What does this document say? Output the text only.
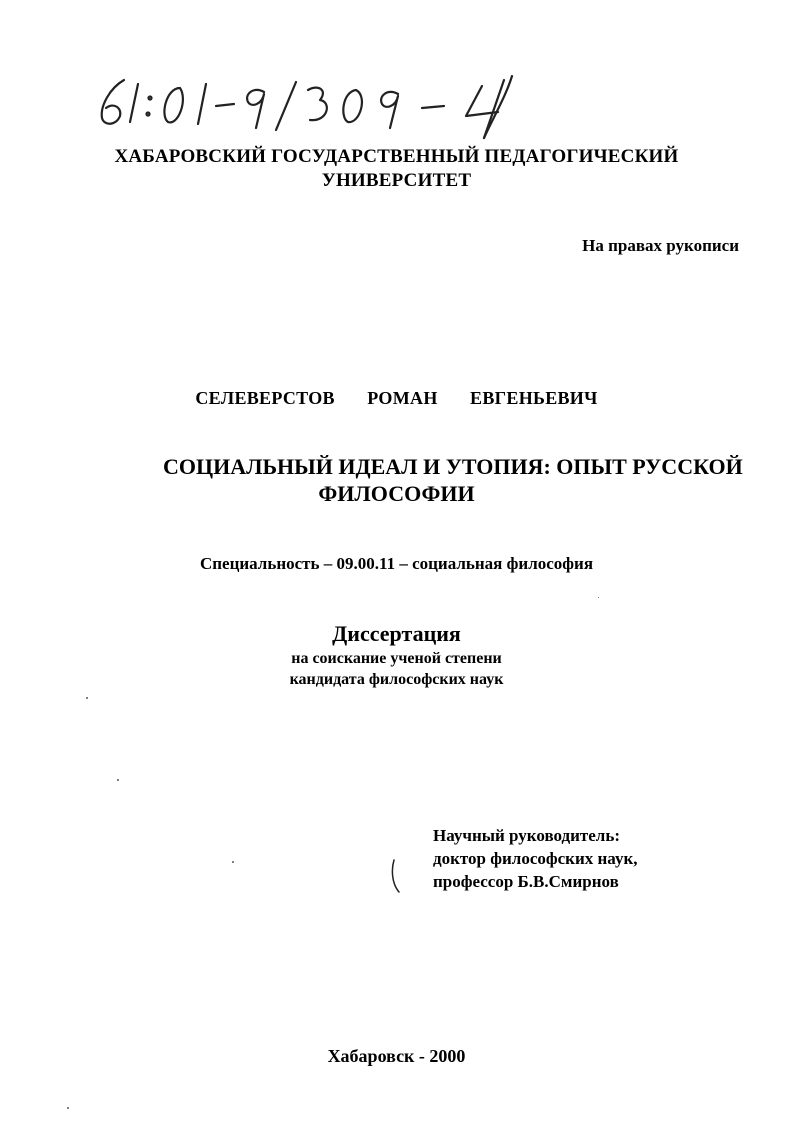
ХАБАРОВСКИЙ ГОСУДАРСТВЕННЫЙ ПЕДАГОГИЧЕСКИЙ
УНИВЕРСИТЕТ
На правах рукописи
СЕЛЕВЕРСТОВ   РОМАН   ЕВГЕНЬЕВИЧ
СОЦИАЛЬНЫЙ ИДЕАЛ И УТОПИЯ: ОПЫТ РУССКОЙ
ФИЛОСОФИИ
Специальность – 09.00.11 – социальная философия
Диссертация
на соискание ученой степени
кандидата философских наук
Научный руководитель:
доктор философских наук,
профессор Б.В.Смирнов
Хабаровск - 2000
